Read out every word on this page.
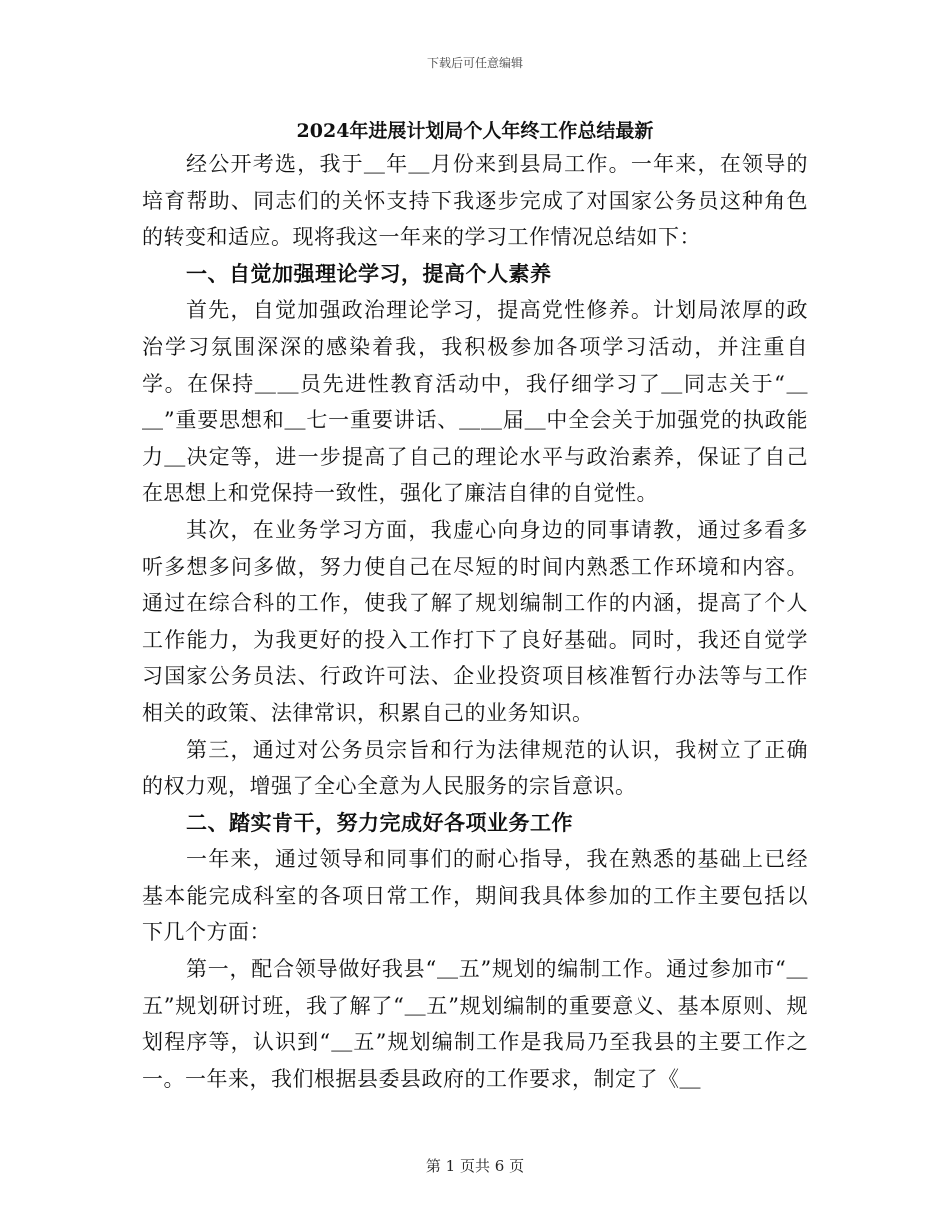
下载后可任意编辑
2024年进展计划局个人年终工作总结最新

经公开考选，我于＿年＿月份来到县局工作。一年来，在领导的培育帮助、同志们的关怀支持下我逐步完成了对国家公务员这种角色的转变和适应。现将我这一年来的学习工作情况总结如下：

一、自觉加强理论学习，提高个人素养

首先，自觉加强政治理论学习，提高党性修养。计划局浓厚的政治学习氛围深深的感染着我，我积极参加各项学习活动，并注重自学。在保持＿＿员先进性教育活动中，我仔细学习了＿同志关于“＿＿”重要思想和＿七一重要讲话、＿＿届＿中全会关于加强党的执政能力＿决定等，进一步提高了自己的理论水平与政治素养，保证了自己在思想上和党保持一致性，强化了廉洁自律的自觉性。

其次，在业务学习方面，我虚心向身边的同事请教，通过多看多听多想多问多做，努力使自己在尽短的时间内熟悉工作环境和内容。通过在综合科的工作，使我了解了规划编制工作的内涵，提高了个人工作能力，为我更好的投入工作打下了良好基础。同时，我还自觉学习国家公务员法、行政许可法、企业投资项目核准暂行办法等与工作相关的政策、法律常识，积累自己的业务知识。

第三，通过对公务员宗旨和行为法律规范的认识，我树立了正确的权力观，增强了全心全意为人民服务的宗旨意识。

二、踏实肯干，努力完成好各项业务工作

一年来，通过领导和同事们的耐心指导，我在熟悉的基础上已经基本能完成科室的各项日常工作，期间我具体参加的工作主要包括以下几个方面：

第一，配合领导做好我县“＿五”规划的编制工作。通过参加市“＿五”规划研讨班，我了解了“＿五”规划编制的重要意义、基本原则、规划程序等，认识到“＿五”规划编制工作是我局乃至我县的主要工作之一。一年来，我们根据县委县政府的工作要求，制定了《＿

第 1 页共 6 页
